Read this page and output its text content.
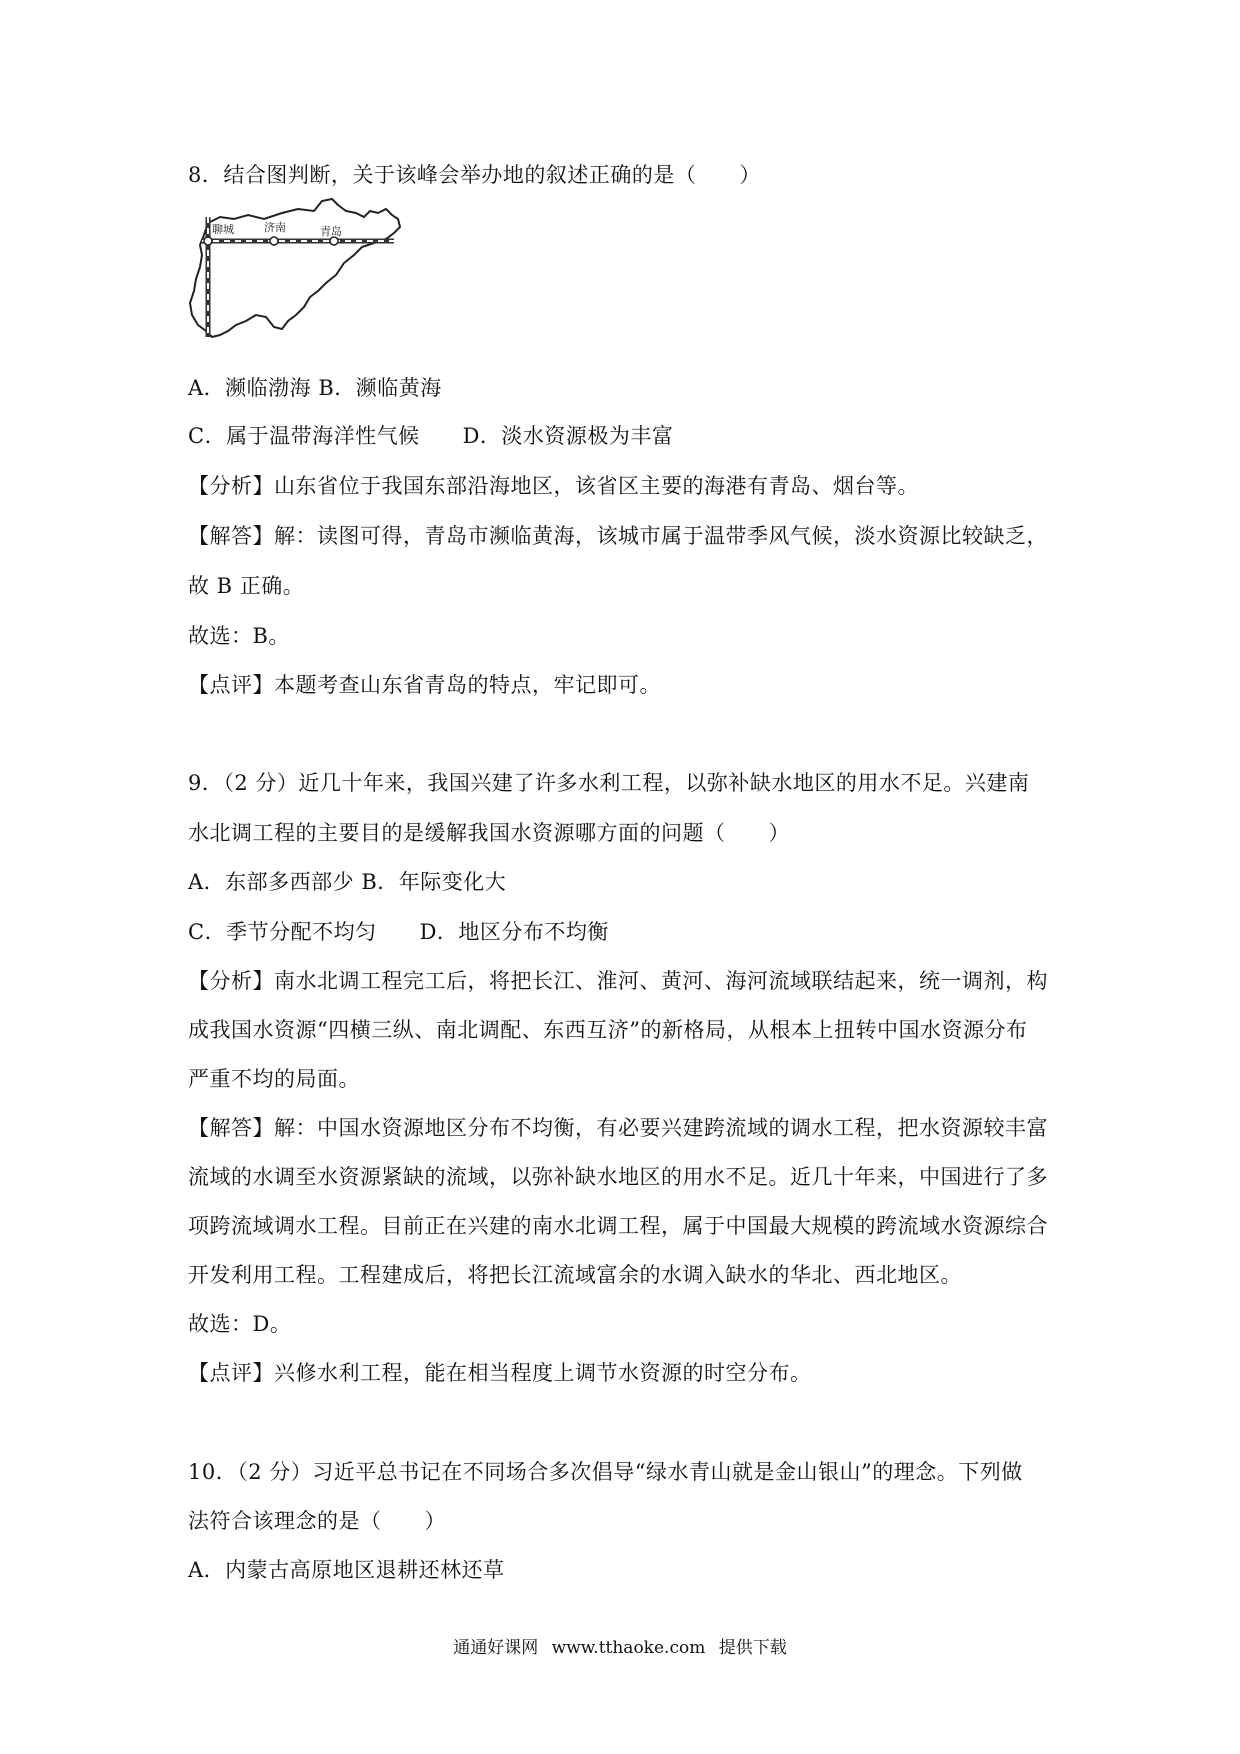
8．结合图判断，关于该峰会举办地的叙述正确的是（　　）
聊城	济南	青岛
A．濒临渤海 B．濒临黄海
C．属于温带海洋性气候　　D．淡水资源极为丰富
【分析】山东省位于我国东部沿海地区，该省区主要的海港有青岛、烟台等。
【解答】解：读图可得，青岛市濒临黄海，该城市属于温带季风气候，淡水资源比较缺乏，
故 B 正确。
故选：B。
【点评】本题考查山东省青岛的特点，牢记即可。
9．（2 分）近几十年来，我国兴建了许多水利工程，以弥补缺水地区的用水不足。兴建南
水北调工程的主要目的是缓解我国水资源哪方面的问题（　　）
A．东部多西部少 B．年际变化大
C．季节分配不均匀　　D．地区分布不均衡
【分析】南水北调工程完工后，将把长江、淮河、黄河、海河流域联结起来，统一调剂，构
成我国水资源“四横三纵、南北调配、东西互济”的新格局，从根本上扭转中国水资源分布
严重不均的局面。
【解答】解：中国水资源地区分布不均衡，有必要兴建跨流域的调水工程，把水资源较丰富
流域的水调至水资源紧缺的流域，以弥补缺水地区的用水不足。近几十年来，中国进行了多
项跨流域调水工程。目前正在兴建的南水北调工程，属于中国最大规模的跨流域水资源综合
开发利用工程。工程建成后，将把长江流域富余的水调入缺水的华北、西北地区。
故选：D。
【点评】兴修水利工程，能在相当程度上调节水资源的时空分布。
10．（2 分）习近平总书记在不同场合多次倡导“绿水青山就是金山银山”的理念。下列做
法符合该理念的是（　　）
A．内蒙古高原地区退耕还林还草
通通好课网 www.tthaoke.com 提供下载
